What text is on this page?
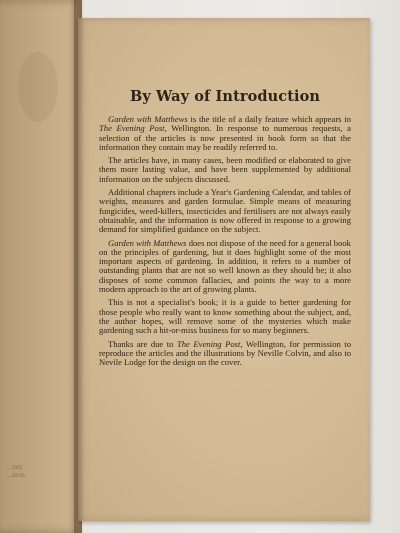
…xxx
…ston
By Way of Introduction

Garden with Matthews is the title of a daily feature which appears in The Evening Post, Wellington. In response to numerous requests, a selection of the articles is now presented in book form so that the information they contain may be readily referred to.

The articles have, in many cases, been modified or elaborated to give them more lasting value, and have been supplemented by additional information on the subjects discussed.

Additional chapters include a Year's Gardening Calendar, and tables of weights, measures and garden formulae. Simple means of measuring fungicides, weed-killers, insecticides and fertilisers are not always easily obtainable, and the information is now offered in response to a growing demand for simplified guidance on the subject.

Garden with Matthews does not dispose of the need for a general book on the principles of gardening, but it does highlight some of the most important aspects of gardening. In addition, it refers to a number of outstanding plants that are not so well known as they should be; it also disposes of some common fallacies, and points the way to a more modern approach to the art of growing plants.

This is not a specialist's book; it is a guide to better gardening for those people who really want to know something about the subject, and, the author hopes, will remove some of the mysteries which make gardening such a hit-or-miss business for so many beginners.

Thanks are due to The Evening Post, Wellington, for permission to reproduce the articles and the illustrations by Neville Colvin, and also to Nevile Lodge for the design on the cover.
